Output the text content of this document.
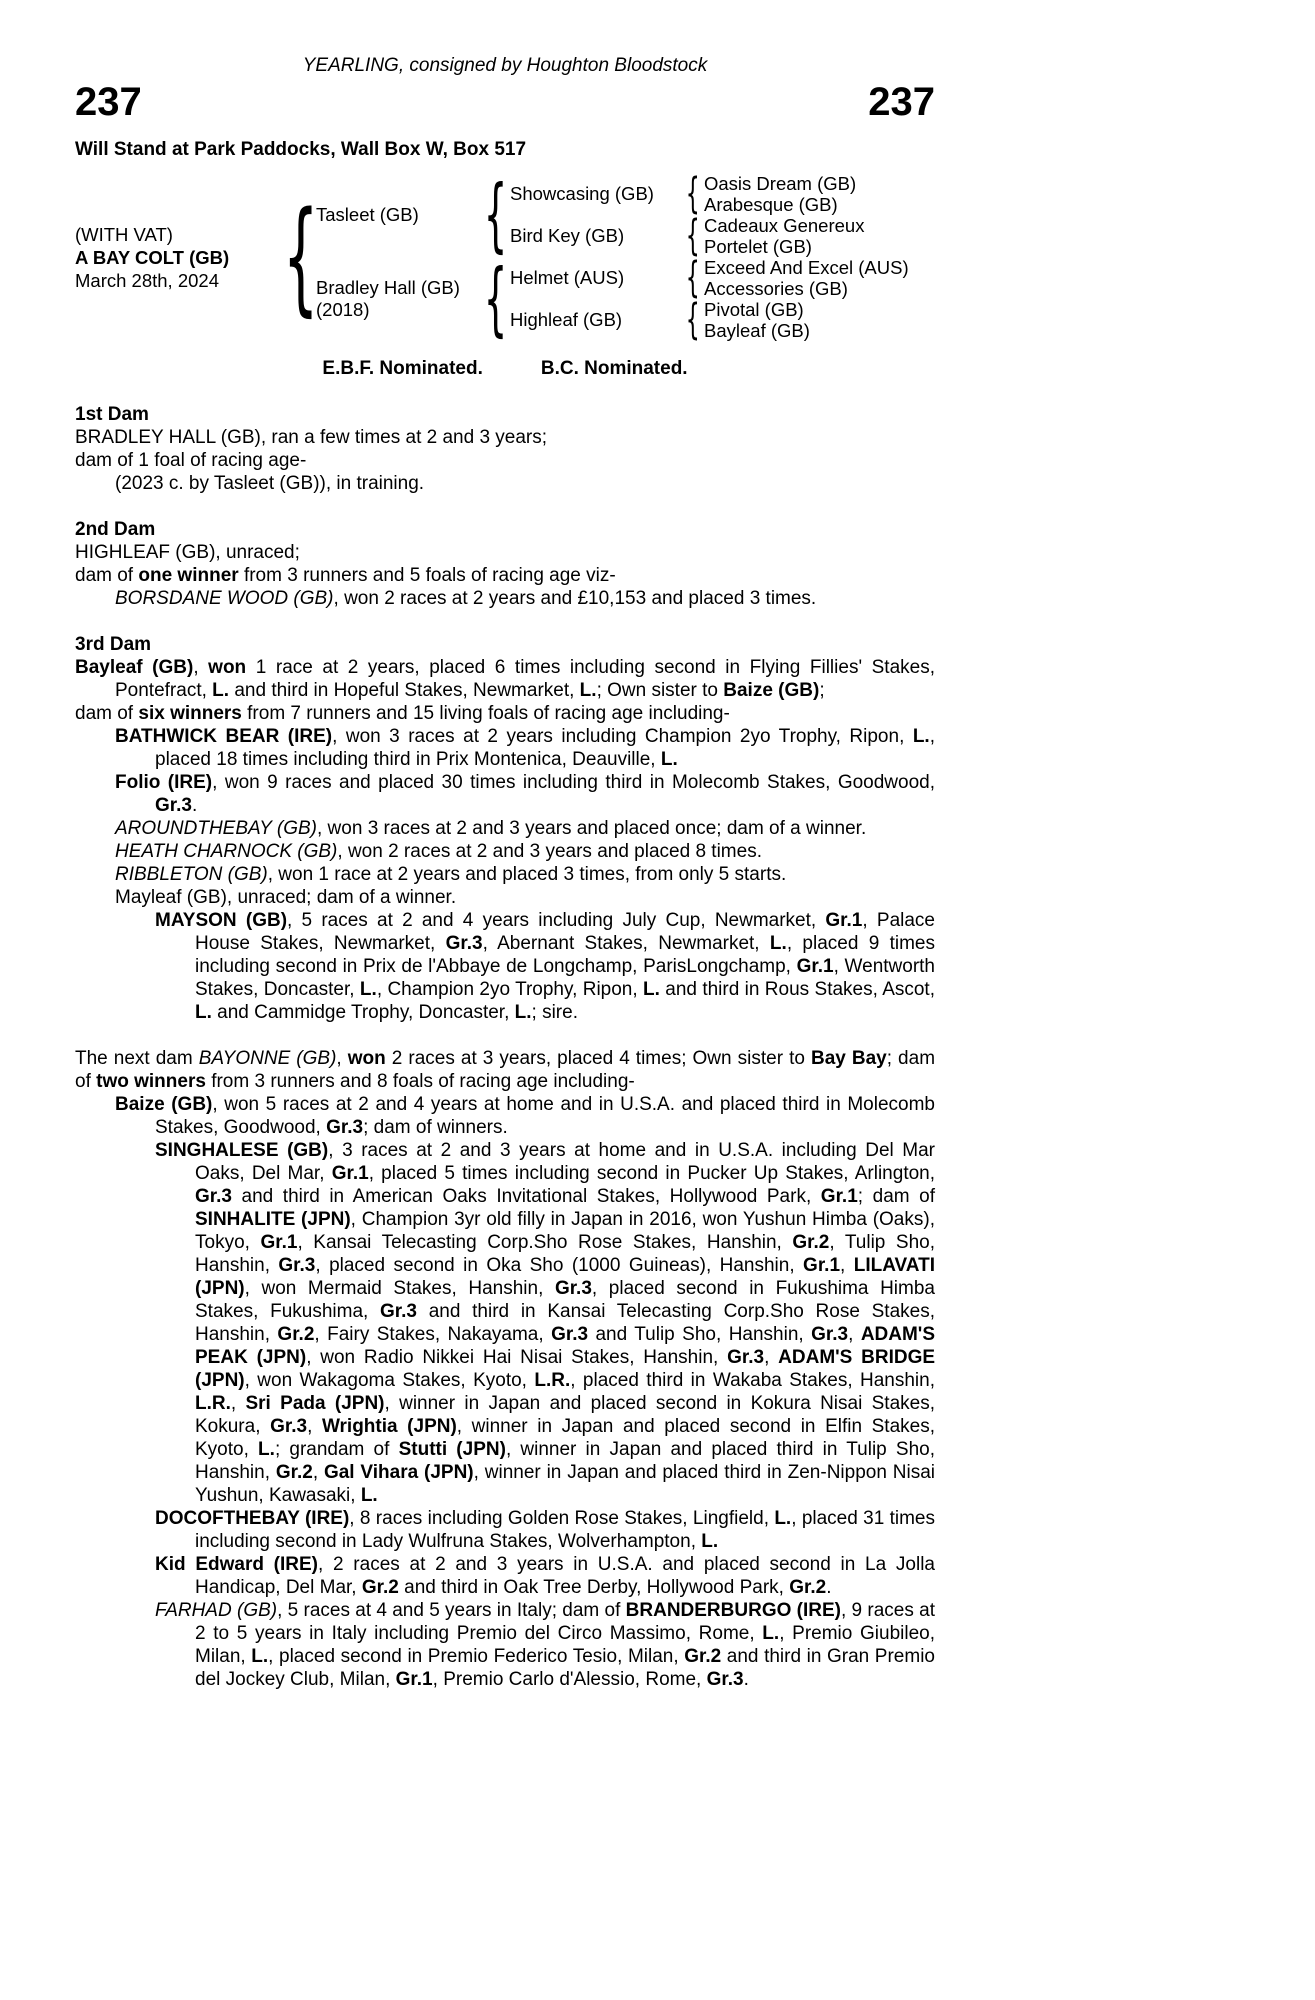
YEARLING, consigned by Houghton Bloodstock
237	237
Will Stand at Park Paddocks, Wall Box W, Box 517
(WITH VAT)
A BAY COLT (GB)
March 28th, 2024 {
Tasleet (GB) { Showcasing (GB) { Oasis Dream (GB)
Arabesque (GB)
Bird Key (GB)	{ Cadeaux Genereux
Portelet (GB)
Bradley Hall (GB)
(2018)	{ Helmet (AUS)	{ Exceed And Excel (AUS)
Accessories (GB)
Highleaf (GB)	{ Pivotal (GB)
Bayleaf (GB)
E.B.F. Nominated.	B.C. Nominated.
1st Dam
BRADLEY HALL (GB), ran a few times at 2 and 3 years;
dam of 1 foal of racing age-
(2023 c. by Tasleet (GB)), in training.
2nd Dam
HIGHLEAF (GB), unraced;
dam of one winner from 3 runners and 5 foals of racing age viz-
BORSDANE WOOD (GB), won 2 races at 2 years and £10,153 and placed 3 times.
3rd Dam
Bayleaf (GB), won 1 race at 2 years, placed 6 times including second in Flying Fillies' Stakes, Pontefract, L. and third in Hopeful Stakes, Newmarket, L.; Own sister to Baize (GB);
dam of six winners from 7 runners and 15 living foals of racing age including-
BATHWICK BEAR (IRE), won 3 races at 2 years including Champion 2yo Trophy, Ripon, L., placed 18 times including third in Prix Montenica, Deauville, L.
Folio (IRE), won 9 races and placed 30 times including third in Molecomb Stakes, Goodwood, Gr.3.
AROUNDTHEBAY (GB), won 3 races at 2 and 3 years and placed once; dam of a winner.
HEATH CHARNOCK (GB), won 2 races at 2 and 3 years and placed 8 times.
RIBBLETON (GB), won 1 race at 2 years and placed 3 times, from only 5 starts.
Mayleaf (GB), unraced; dam of a winner.
MAYSON (GB), 5 races at 2 and 4 years including July Cup, Newmarket, Gr.1, Palace House Stakes, Newmarket, Gr.3, Abernant Stakes, Newmarket, L., placed 9 times including second in Prix de l'Abbaye de Longchamp, ParisLongchamp, Gr.1, Wentworth Stakes, Doncaster, L., Champion 2yo Trophy, Ripon, L. and third in Rous Stakes, Ascot, L. and Cammidge Trophy, Doncaster, L.; sire.
The next dam BAYONNE (GB), won 2 races at 3 years, placed 4 times; Own sister to Bay Bay; dam of two winners from 3 runners and 8 foals of racing age including-
Baize (GB), won 5 races at 2 and 4 years at home and in U.S.A. and placed third in Molecomb Stakes, Goodwood, Gr.3; dam of winners.
SINGHALESE (GB), 3 races at 2 and 3 years at home and in U.S.A. including Del Mar Oaks, Del Mar, Gr.1, placed 5 times including second in Pucker Up Stakes, Arlington, Gr.3 and third in American Oaks Invitational Stakes, Hollywood Park, Gr.1; dam of SINHALITE (JPN), Champion 3yr old filly in Japan in 2016, won Yushun Himba (Oaks), Tokyo, Gr.1, Kansai Telecasting Corp.Sho Rose Stakes, Hanshin, Gr.2, Tulip Sho, Hanshin, Gr.3, placed second in Oka Sho (1000 Guineas), Hanshin, Gr.1, LILAVATI (JPN), won Mermaid Stakes, Hanshin, Gr.3, placed second in Fukushima Himba Stakes, Fukushima, Gr.3 and third in Kansai Telecasting Corp.Sho Rose Stakes, Hanshin, Gr.2, Fairy Stakes, Nakayama, Gr.3 and Tulip Sho, Hanshin, Gr.3, ADAM'S PEAK (JPN), won Radio Nikkei Hai Nisai Stakes, Hanshin, Gr.3, ADAM'S BRIDGE (JPN), won Wakagoma Stakes, Kyoto, L.R., placed third in Wakaba Stakes, Hanshin, L.R., Sri Pada (JPN), winner in Japan and placed second in Kokura Nisai Stakes, Kokura, Gr.3, Wrightia (JPN), winner in Japan and placed second in Elfin Stakes, Kyoto, L.; grandam of Stutti (JPN), winner in Japan and placed third in Tulip Sho, Hanshin, Gr.2, Gal Vihara (JPN), winner in Japan and placed third in Zen-Nippon Nisai Yushun, Kawasaki, L.
DOCOFTHEBAY (IRE), 8 races including Golden Rose Stakes, Lingfield, L., placed 31 times including second in Lady Wulfruna Stakes, Wolverhampton, L.
Kid Edward (IRE), 2 races at 2 and 3 years in U.S.A. and placed second in La Jolla Handicap, Del Mar, Gr.2 and third in Oak Tree Derby, Hollywood Park, Gr.2.
FARHAD (GB), 5 races at 4 and 5 years in Italy; dam of BRANDERBURGO (IRE), 9 races at 2 to 5 years in Italy including Premio del Circo Massimo, Rome, L., Premio Giubileo, Milan, L., placed second in Premio Federico Tesio, Milan, Gr.2 and third in Gran Premio del Jockey Club, Milan, Gr.1, Premio Carlo d'Alessio, Rome, Gr.3.
